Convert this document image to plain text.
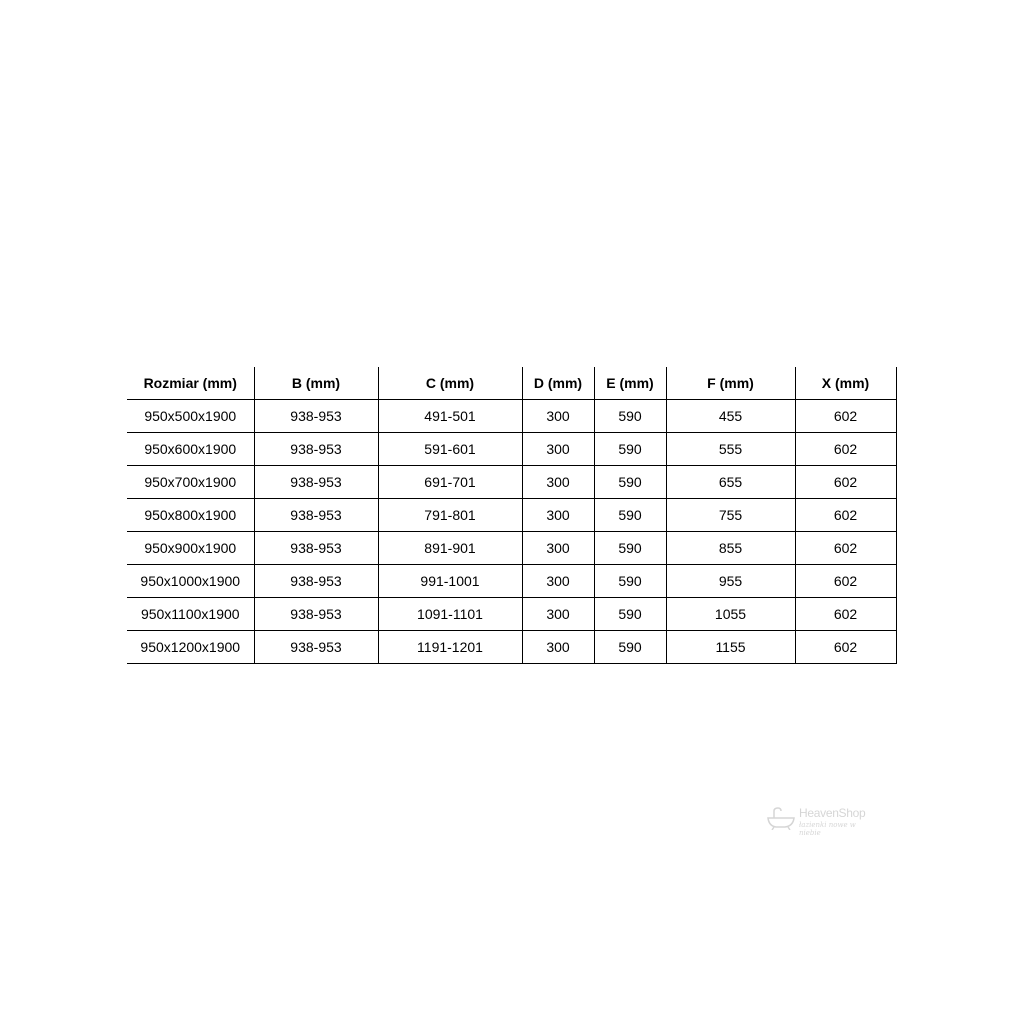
Rozmiar (mm)	B (mm)	C (mm)	D (mm)	E (mm)	F (mm)	X (mm)
950x500x1900	938-953	491-501	300	590	455	602
950x600x1900	938-953	591-601	300	590	555	602
950x700x1900	938-953	691-701	300	590	655	602
950x800x1900	938-953	791-801	300	590	755	602
950x900x1900	938-953	891-901	300	590	855	602
950x1000x1900	938-953	991-1001	300	590	955	602
950x1100x1900	938-953	1091-1101	300	590	1055	602
950x1200x1900	938-953	1191-1201	300	590	1155	602
HeavenShop
łazienki nowe w niebie
